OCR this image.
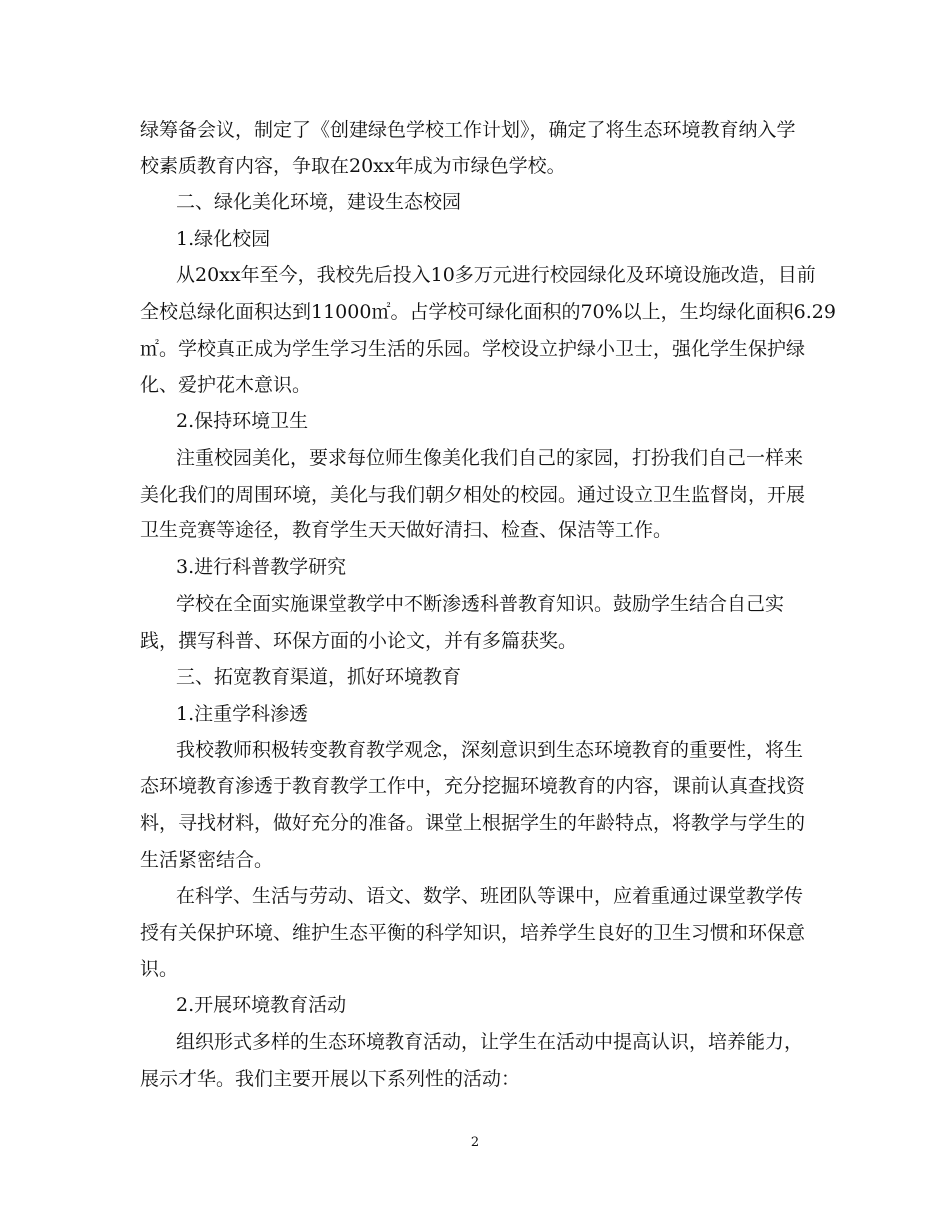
绿筹备会议，制定了《创建绿色学校工作计划》，确定了将生态环境教育纳入学
校素质教育内容，争取在20xx年成为市绿色学校。
二、绿化美化环境，建设生态校园
1.绿化校园
从20xx年至今，我校先后投入10多万元进行校园绿化及环境设施改造，目前
全校总绿化面积达到11000㎡。占学校可绿化面积的70%以上，生均绿化面积6.29
㎡。学校真正成为学生学习生活的乐园。学校设立护绿小卫士，强化学生保护绿
化、爱护花木意识。
2.保持环境卫生
注重校园美化，要求每位师生像美化我们自己的家园，打扮我们自己一样来
美化我们的周围环境，美化与我们朝夕相处的校园。通过设立卫生监督岗，开展
卫生竞赛等途径，教育学生天天做好清扫、检查、保洁等工作。
3.进行科普教学研究
学校在全面实施课堂教学中不断渗透科普教育知识。鼓励学生结合自己实
践，撰写科普、环保方面的小论文，并有多篇获奖。
三、拓宽教育渠道，抓好环境教育
1.注重学科渗透
我校教师积极转变教育教学观念，深刻意识到生态环境教育的重要性，将生
态环境教育渗透于教育教学工作中，充分挖掘环境教育的内容，课前认真查找资
料，寻找材料，做好充分的准备。课堂上根据学生的年龄特点，将教学与学生的
生活紧密结合。
在科学、生活与劳动、语文、数学、班团队等课中，应着重通过课堂教学传
授有关保护环境、维护生态平衡的科学知识，培养学生良好的卫生习惯和环保意
识。
2.开展环境教育活动
组织形式多样的生态环境教育活动，让学生在活动中提高认识，培养能力，
展示才华。我们主要开展以下系列性的活动：
2
